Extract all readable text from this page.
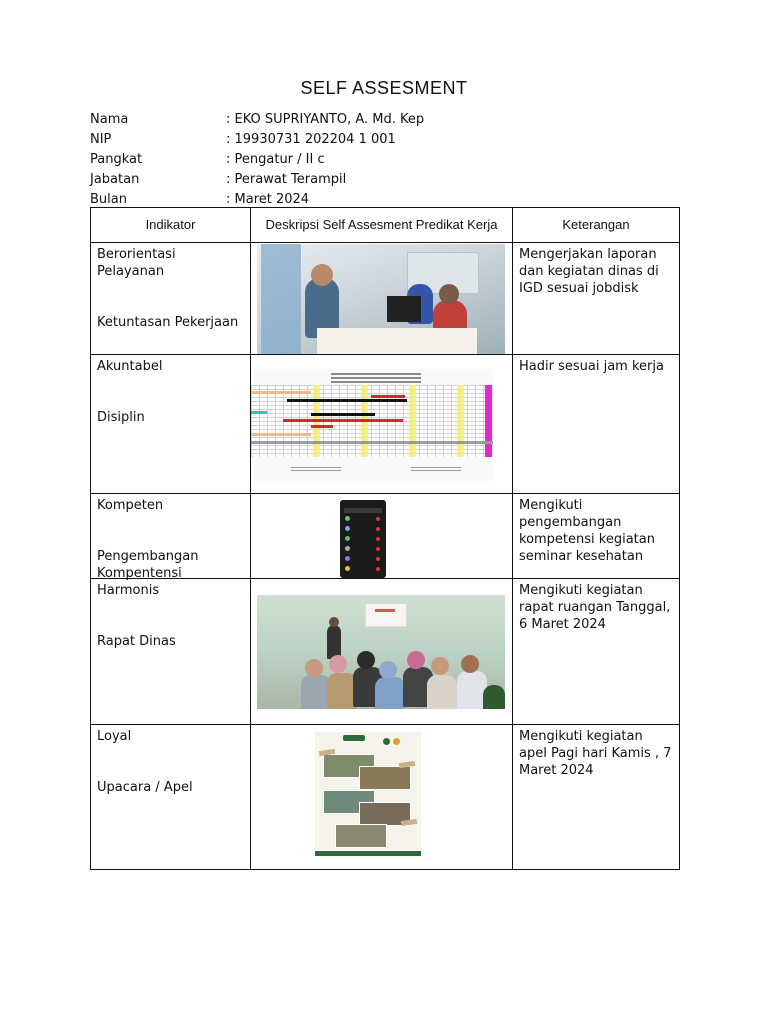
SELF ASSESMENT
Nama	: EKO SUPRIYANTO, A. Md. Kep
NIP	: 19930731 202204 1 001
Pangkat	: Pengatur / II c
Jabatan	: Perawat Terampil
Bulan	: Maret 2024
Indikator	Deskripsi Self Assesment Predikat Kerja	Keterangan

Berorientasi Pelayanan
Ketuntasan Pekerjaan		Mengerjakan laporan dan kegiatan dinas di IGD sesuai jobdisk

Akuntabel
Disiplin		Hadir sesuai jam kerja

Kompeten
Pengembangan Kompentensi		Mengikuti pengembangan kompetensi kegiatan seminar kesehatan

Harmonis
Rapat Dinas		Mengikuti kegiatan rapat ruangan Tanggal, 6 Maret 2024

Loyal
Upacara / Apel		Mengikuti kegiatan apel Pagi hari Kamis , 7 Maret 2024
